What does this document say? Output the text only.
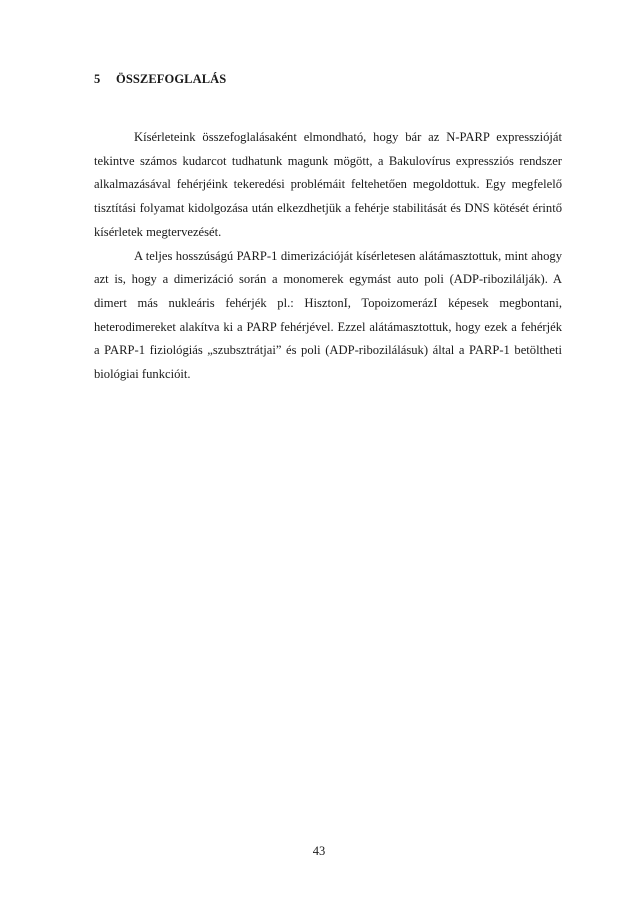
5 ÖSSZEFOGLALÁS

Kísérleteink összefoglalásaként elmondható, hogy bár az N-PARP expresszióját tekintve számos kudarcot tudhatunk magunk mögött, a Bakulovírus expressziós rendszer alkalmazásával fehérjéink tekeredési problémáit feltehetően megoldottuk. Egy megfelelő tisztítási folyamat kidolgozása után elkezdhetjük a fehérje stabilitását és DNS kötését érintő kísérletek megtervezését.

A teljes hosszúságú PARP-1 dimerizációját kísérletesen alátámasztottuk, mint ahogy azt is, hogy a dimerizáció során a monomerek egymást auto poli (ADP-ribozilálják). A dimert más nukleáris fehérjék pl.: HisztonI, TopoizomerázI képesek megbontani, heterodimereket alakítva ki a PARP fehérjével. Ezzel alátámasztottuk, hogy ezek a fehérjék a PARP-1 fiziológiás „szubsztrátjai” és poli (ADP-ribozilálásuk) által a PARP-1 betöltheti biológiai funkcióit.

43
